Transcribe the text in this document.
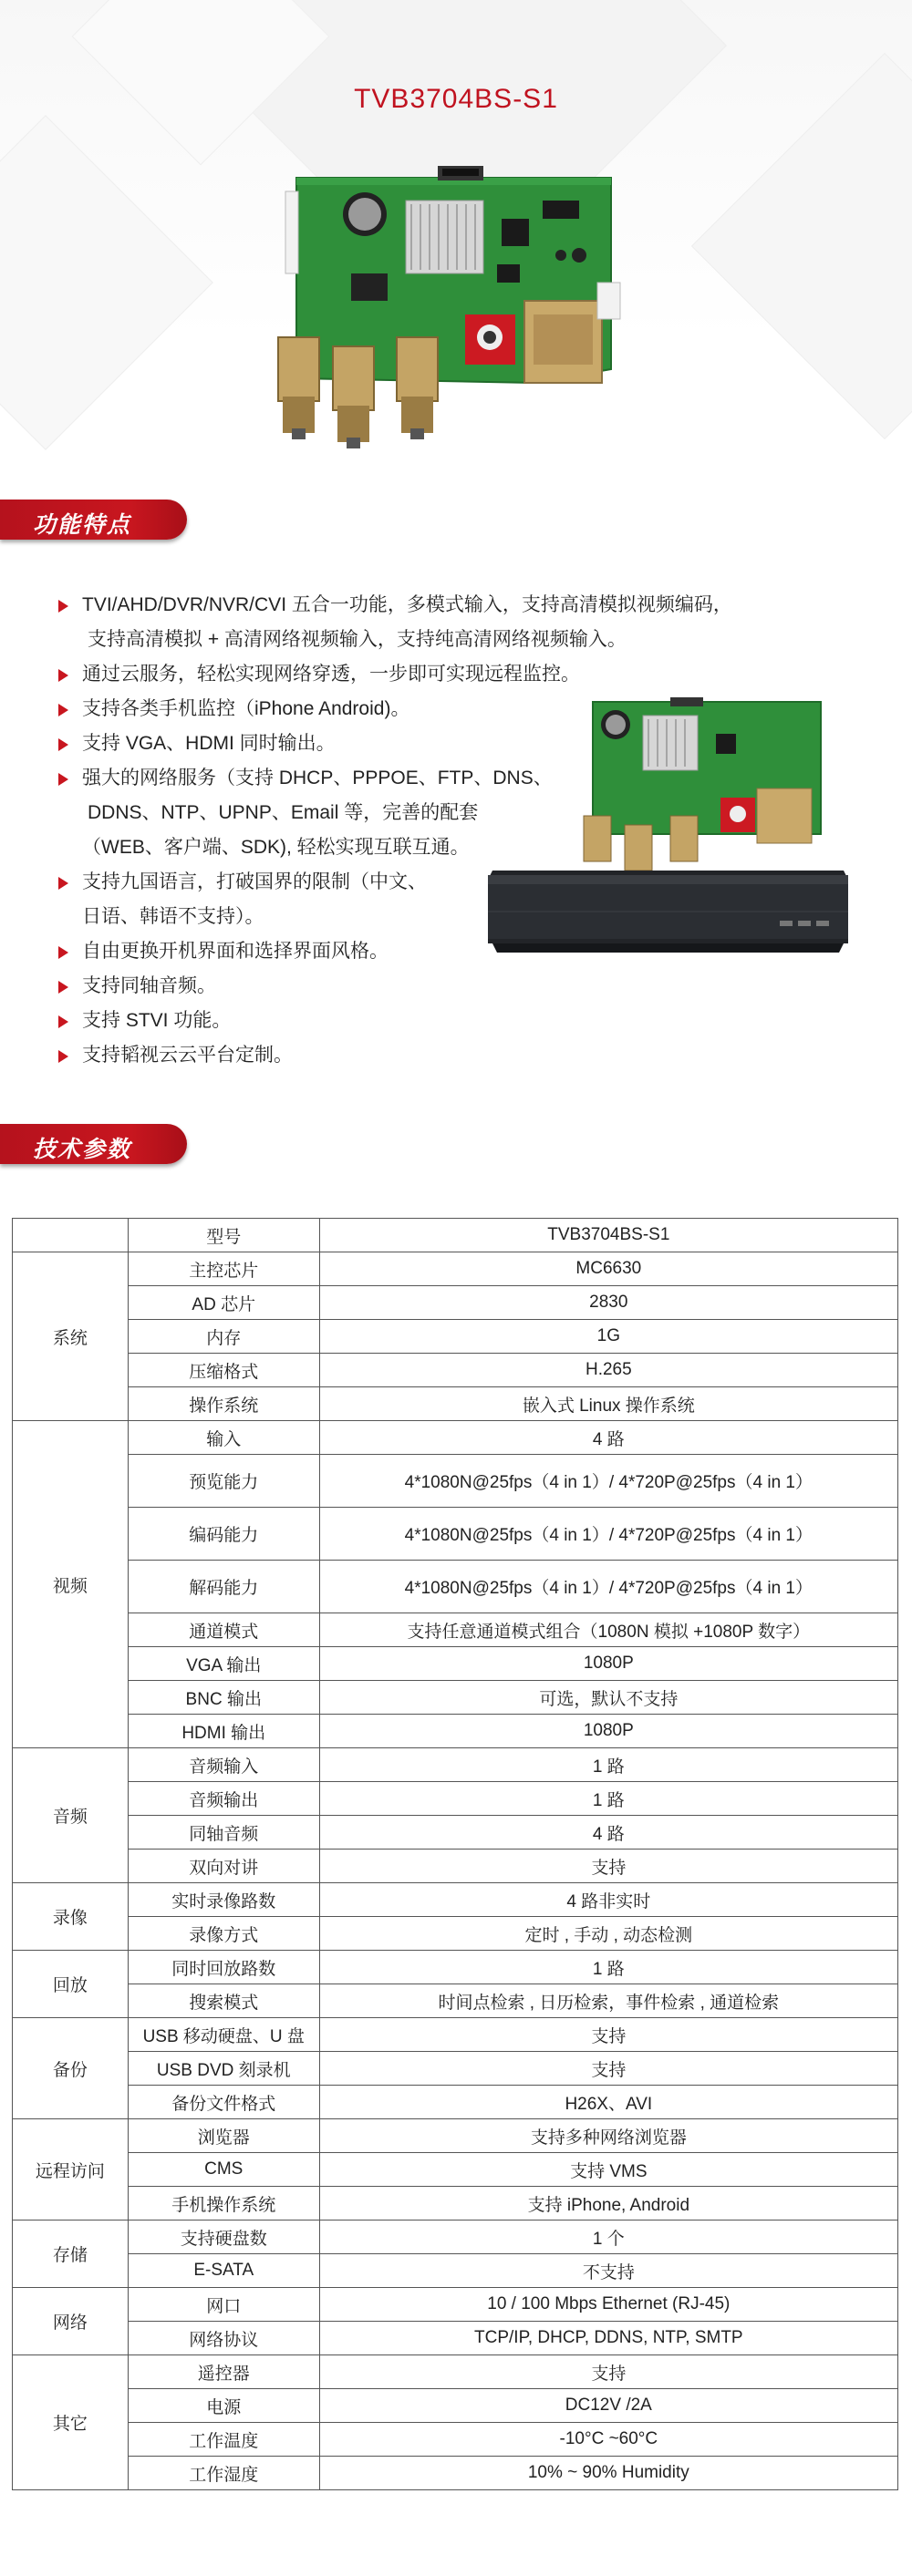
TVB3704BS-S1
功能特点
TVI/AHD/DVR/NVR/CVI 五合一功能，多模式输入，支持高清模拟视频编码，
支持高清模拟 + 高清网络视频输入，支持纯高清网络视频输入。
通过云服务，轻松实现网络穿透，一步即可实现远程监控。
支持各类手机监控（iPhone Android)。
支持 VGA、HDMI 同时输出。
强大的网络服务（支持 DHCP、PPPOE、FTP、DNS、
DDNS、NTP、UPNP、Email 等，完善的配套
（WEB、客户端、SDK), 轻松实现互联互通。
支持九国语言，打破国界的限制（中文、
日语、韩语不支持）。
自由更换开机界面和选择界面风格。
支持同轴音频。
支持 STVI 功能。
支持韬视云云平台定制。
技术参数
	型号	TVB3704BS-S1
系统	主控芯片	MC6630
	AD 芯片	2830
	内存	1G
	压缩格式	H.265
	操作系统	嵌入式 Linux 操作系统
视频	输入	4 路
	预览能力	4*1080N@25fps（4 in 1）/ 4*720P@25fps（4 in 1）
	编码能力	4*1080N@25fps（4 in 1）/ 4*720P@25fps（4 in 1）
	解码能力	4*1080N@25fps（4 in 1）/ 4*720P@25fps（4 in 1）
	通道模式	支持任意通道模式组合（1080N 模拟 +1080P 数字）
	VGA 输出	1080P
	BNC 输出	可选，默认不支持
	HDMI 输出	1080P
音频	音频输入	1 路
	音频输出	1 路
	同轴音频	4 路
	双向对讲	支持
录像	实时录像路数	4 路非实时
	录像方式	定时 , 手动 , 动态检测
回放	同时回放路数	1 路
	搜索模式	时间点检索 , 日历检索，事件检索 , 通道检索
备份	USB 移动硬盘、U 盘	支持
	USB DVD 刻录机	支持
	备份文件格式	H26X、AVI
远程访问	浏览器	支持多种网络浏览器
	CMS	支持 VMS
	手机操作系统	支持 iPhone, Android
存储	支持硬盘数	1 个
	E-SATA	不支持
网络	网口	10 / 100 Mbps Ethernet (RJ-45)
	网络协议	TCP/IP, DHCP, DDNS, NTP, SMTP
其它	遥控器	支持
	电源	DC12V /2A
	工作温度	-10°C ~60°C
	工作湿度	10% ~ 90% Humidity
